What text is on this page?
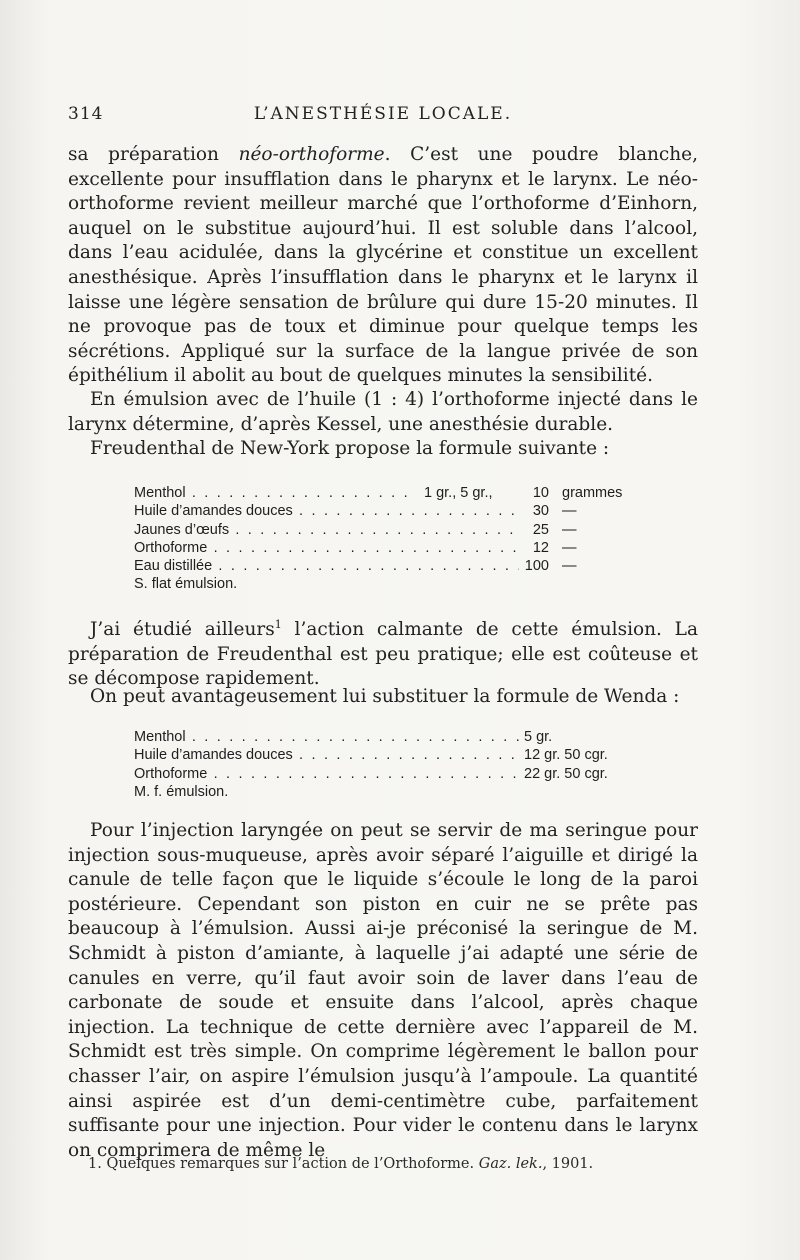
314	L’ANESTHÉSIE LOCALE.

sa préparation néo-orthoforme. C’est une poudre blanche, excellente pour insufflation dans le pharynx et le larynx. Le néo-orthoforme revient meilleur marché que l’orthoforme d’Einhorn, auquel on le substitue aujourd’hui. Il est soluble dans l’alcool, dans l’eau acidulée, dans la glycérine et constitue un excellent anesthésique. Après l’insufflation dans le pharynx et le larynx il laisse une légère sensation de brûlure qui dure 15-20 minutes. Il ne provoque pas de toux et diminue pour quelque temps les sécrétions. Appliqué sur la surface de la langue privée de son épithélium il abolit au bout de quelques minutes la sensibilité.

En émulsion avec de l’huile (1 : 4) l’orthoforme injecté dans le larynx détermine, d’après Kessel, une anesthésie durable.

Freudenthal de New-York propose la formule suivante :

Menthol . . .	1 gr., 5 gr.,	10 grammes
Huile d’amandes douces . . .	30 —
Jaunes d’œufs . . .	25 —
Orthoforme . . .	12 —
Eau distillée . . .	100 —
S. flat émulsion.

J’ai étudié ailleurs$^1$ l’action calmante de cette émulsion. La préparation de Freudenthal est peu pratique; elle est coûteuse et se décompose rapidement.

On peut avantageusement lui substituer la formule de Wenda :

Menthol . . .	5 gr.
Huile d’amandes douces . . .	12 gr. 50 cgr.
Orthoforme . . .	22 gr. 50 cgr.
M. f. émulsion.

Pour l’injection laryngée on peut se servir de ma seringue pour injection sous-muqueuse, après avoir séparé l’aiguille et dirigé la canule de telle façon que le liquide s’écoule le long de la paroi postérieure. Cependant son piston en cuir ne se prête pas beaucoup à l’émulsion. Aussi ai-je préconisé la seringue de M. Schmidt à piston d’amiante, à laquelle j’ai adapté une série de canules en verre, qu’il faut avoir soin de laver dans l’eau de carbonate de soude et ensuite dans l’alcool, après chaque injection. La technique de cette dernière avec l’appareil de M. Schmidt est très simple. On comprime légèrement le ballon pour chasser l’air, on aspire l’émulsion jusqu’à l’ampoule. La quantité ainsi aspirée est d’un demi-centimètre cube, parfaitement suffisante pour une injection. Pour vider le contenu dans le larynx on comprimera de même le

1. Quelques remarques sur l’action de l’Orthoforme. Gaz. lek., 1901.
